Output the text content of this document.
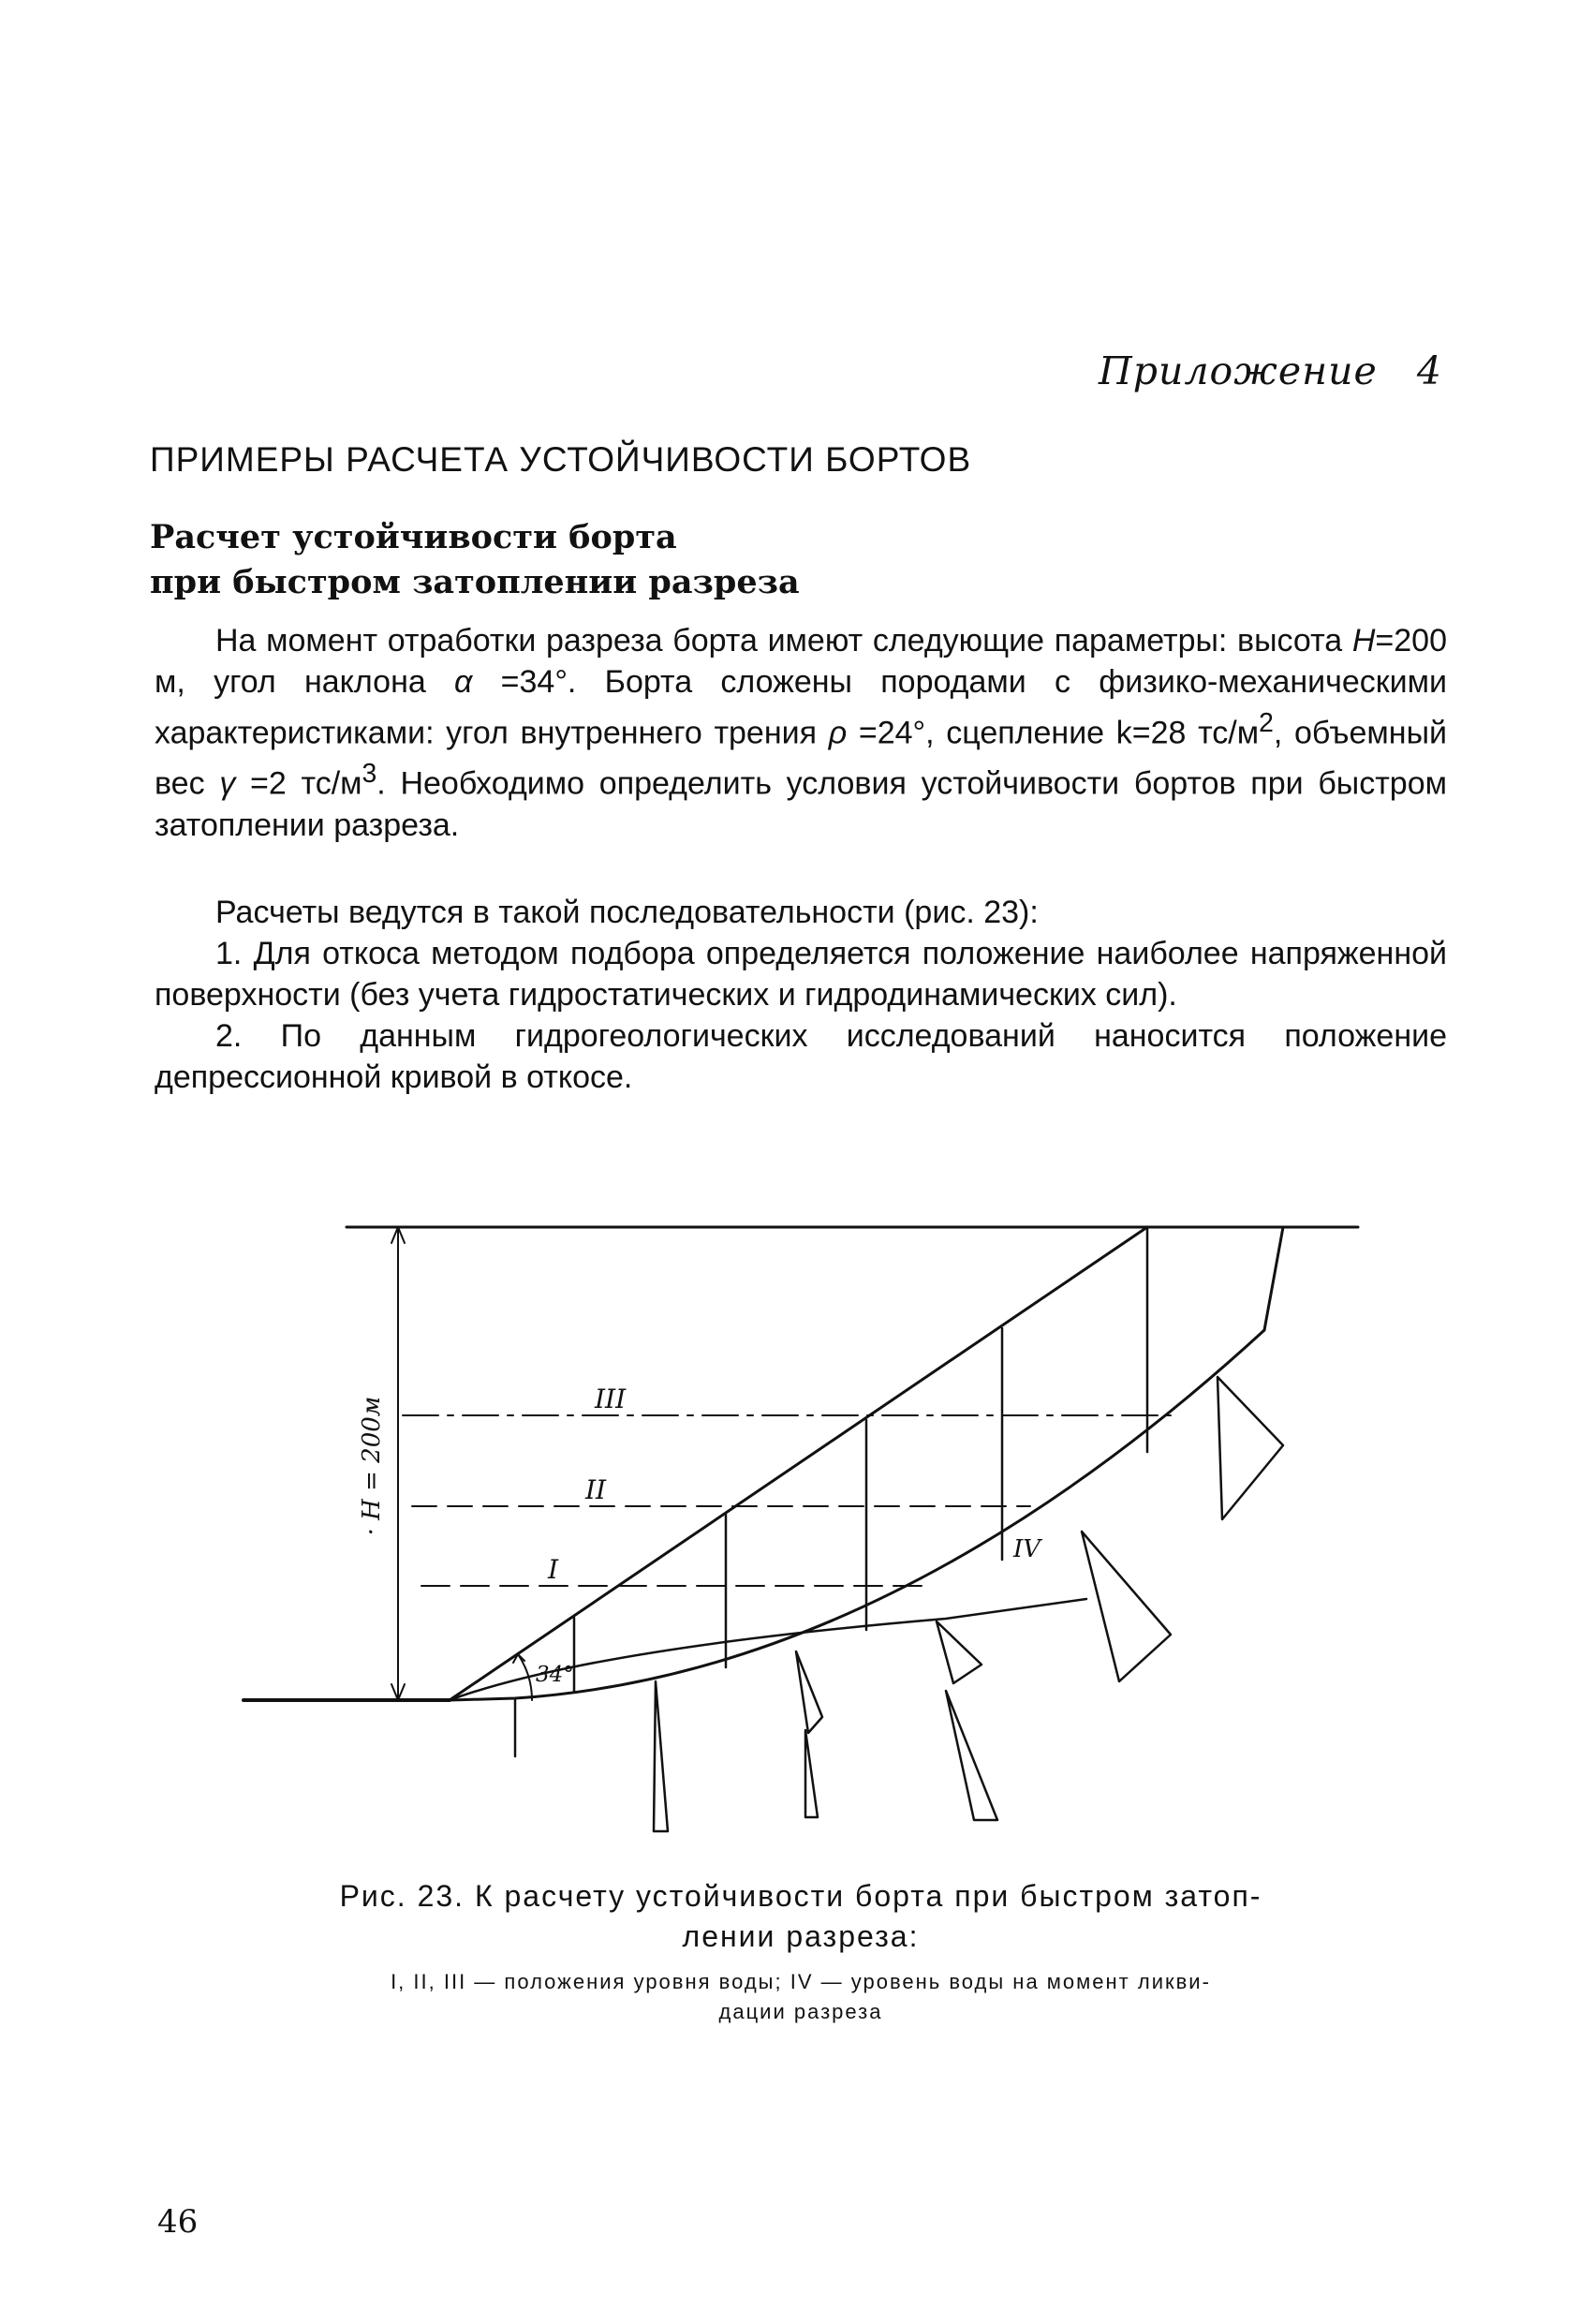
Приложение 4
ПРИМЕРЫ РАСЧЕТА УСТОЙЧИВОСТИ БОРТОВ
Расчет устойчивости борта
при быстром затоплении разреза

На момент отработки разреза борта имеют следующие параметры: высота H=200 м, угол наклона α =34°. Борта сложены породами с физико-механическими характеристиками: угол внутреннего трения ρ =24°, сцепление k=28 $тс/м^2$, объемный вес γ =2 $тс/м^3$. Необходимо определить условия устойчивости бортов при быстром затоплении разреза.

Расчеты ведутся в такой последовательности (рис. 23):

1. Для откоса методом подбора определяется положение наиболее напряженной поверхности (без учета гидростатических и гидродинамических сил).

2. По данным гидрогеологических исследований наносится положение депрессионной кривой в откосе.

III
II
I
IV
34°
· H = 200м
Рис. 23. К расчету устойчивости борта при быстром затоп-
лении разреза:
I, II, III — положения уровня воды; IV — уровень воды на момент ликви-
дации разреза
46
